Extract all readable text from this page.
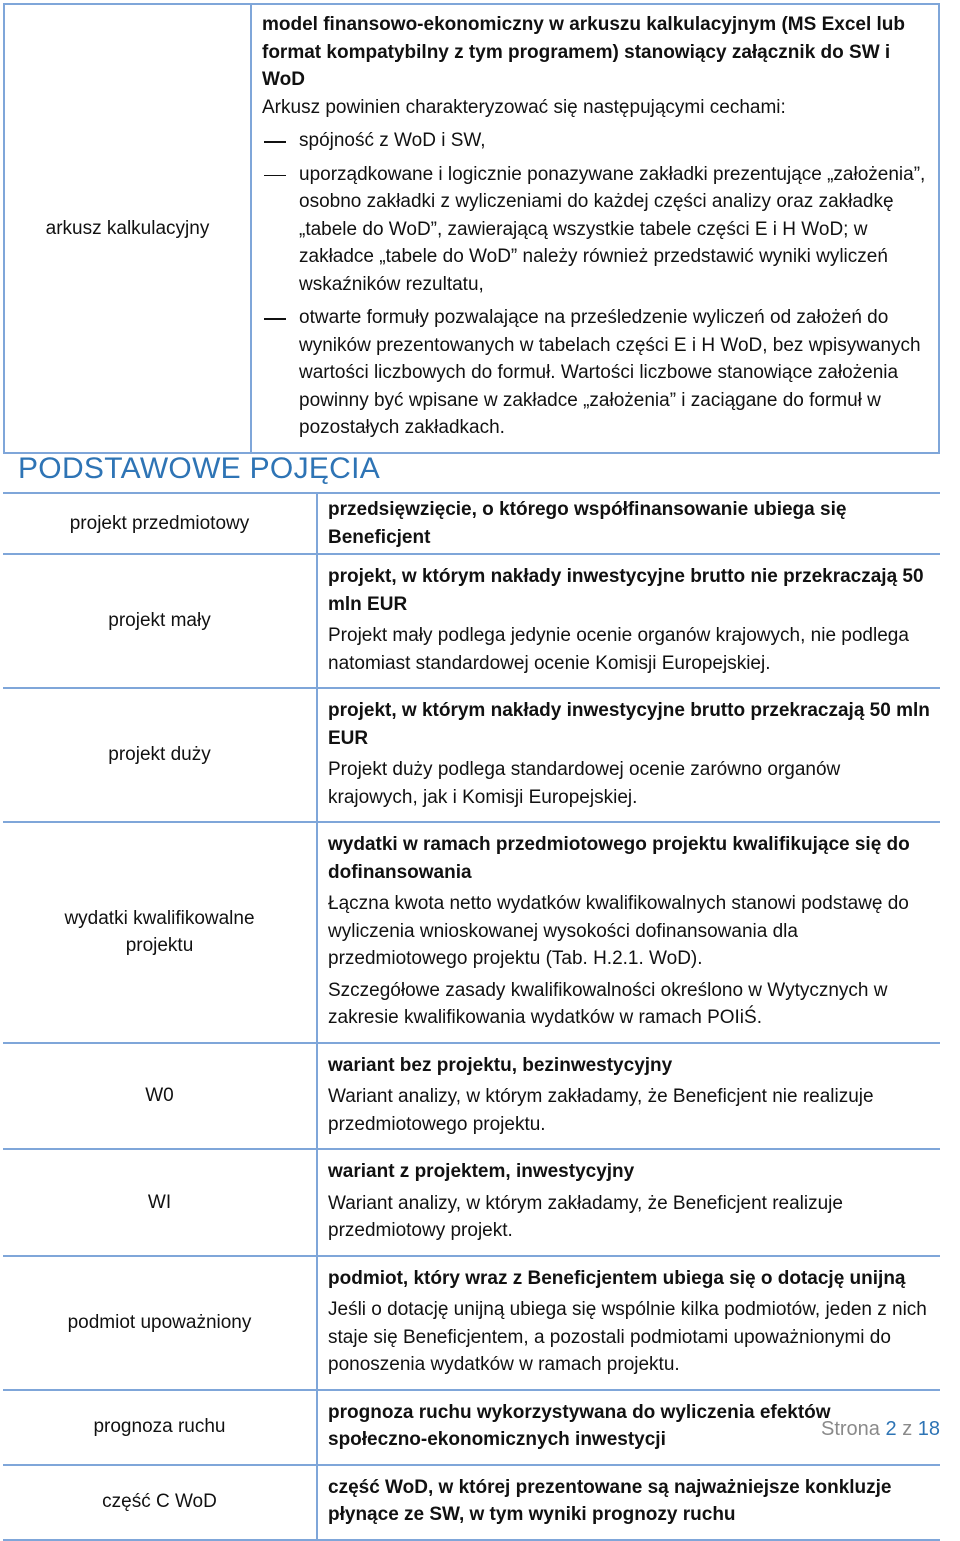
arkusz kalkulacyjny	
model finansowo-ekonomiczny w arkuszu kalkulacyjnym (MS Excel lub format kompatybilny z tym programem) stanowiący załącznik do SW i WoD
Arkusz powinien charakteryzować się następującymi cechami:
spójność z WoD i SW,
uporządkowane i logicznie ponazywane zakładki prezentujące „założenia”, osobno zakładki z wyliczeniami do każdej części analizy oraz zakładkę „tabele do WoD”, zawierającą wszystkie tabele części E i H WoD; w zakładce „tabele do WoD” należy również przedstawić wyniki wyliczeń wskaźników rezultatu,
otwarte formuły pozwalające na prześledzenie wyliczeń od założeń do wyników prezentowanych w tabelach części E i H WoD, bez wpisywanych wartości liczbowych do formuł. Wartości liczbowe stanowiące założenia powinny być wpisane w zakładce „założenia” i zaciągane do formuł w pozostałych zakładkach.
PODSTAWOWE POJĘCIA
projekt przedmiotowy	przedsięwzięcie, o którego współfinansowanie ubiega się Beneficjent

projekt mały	projekt, w którym nakłady inwestycyjne brutto nie przekraczają 50 mln EUR

Projekt mały podlega jedynie ocenie organów krajowych, nie podlega natomiast standardowej ocenie Komisji Europejskiej.

projekt duży	projekt, w którym nakłady inwestycyjne brutto przekraczają 50 mln EUR

Projekt duży podlega standardowej ocenie zarówno organów krajowych, jak i Komisji Europejskiej.

wydatki kwalifikowalne projektu	wydatki w ramach przedmiotowego projektu kwalifikujące się do dofinansowania

Łączna kwota netto wydatków kwalifikowalnych stanowi podstawę do wyliczenia wnioskowanej wysokości dofinansowania dla przedmiotowego projektu (Tab. H.2.1. WoD).

Szczegółowe zasady kwalifikowalności określono w Wytycznych w zakresie kwalifikowania wydatków w ramach POIiŚ.

W0	wariant bez projektu, bezinwestycyjny

Wariant analizy, w którym zakładamy, że Beneficjent nie realizuje przedmiotowego projektu.

WI	wariant z projektem, inwestycyjny

Wariant analizy, w którym zakładamy, że Beneficjent realizuje przedmiotowy projekt.

podmiot upoważniony	podmiot, który wraz z Beneficjentem ubiega się o dotację unijną

Jeśli o dotację unijną ubiega się wspólnie kilka podmiotów, jeden z nich staje się Beneficjentem, a pozostali podmiotami upoważnionymi do ponoszenia wydatków w ramach projektu.

prognoza ruchu	prognoza ruchu wykorzystywana do wyliczenia efektów społeczno-ekonomicznych inwestycji

część C WoD	część WoD, w której prezentowane są najważniejsze konkluzje płynące ze SW, w tym wyniki prognozy ruchu

Strona 2 z 18
